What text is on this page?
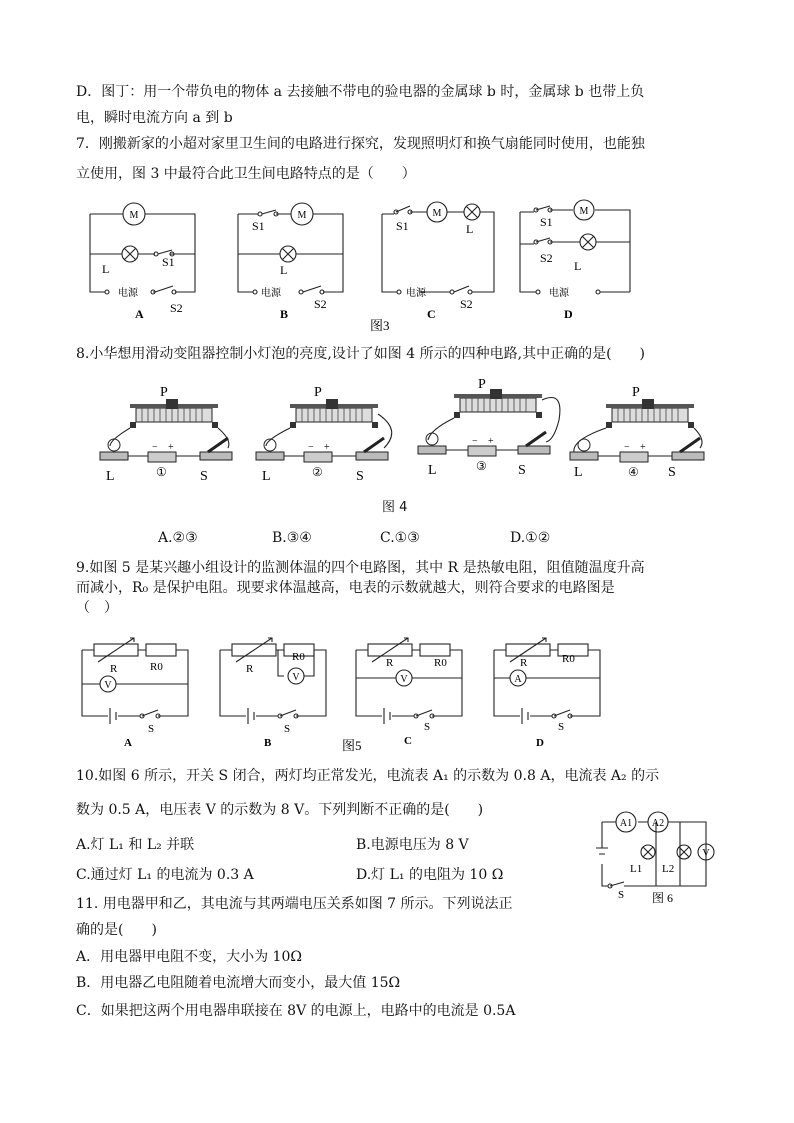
D．图丁：用一个带负电的物体 a 去接触不带电的验电器的金属球 b 时，金属球 b 也带上负
电，瞬时电流方向 a 到 b
7．刚搬新家的小超对家里卫生间的电路进行探究，发现照明灯和换气扇能同时使用，也能独
立使用，图 3 中最符合此卫生间电路特点的是（　　）
M
L	S1
电源
S2
A
M
S1
L
电源
S2
B
M
S1	L
电源
S2
C
M
S1
S2
L
电源
D
图3
8.小华想用滑动变阻器控制小灯泡的亮度,设计了如图 4 所示的四种电路,其中正确的是(　　)
−	+
P
L	① S
P
L	② S
P
L	③ S
P
L	④ S
图 4
A.②③	B.③④	C.①③	D.①②
9.如图 5 是某兴趣小组设计的监测体温的四个电路图，其中 R 是热敏电阻，阻值随温度升高
而减小，R₀ 是保护电阻。现要求体温越高，电表的示数就越大，则符合要求的电路图是
（　）
V
R	R0
S
A
V
R
R0
S
B
V
R	R0
S
C
A
R	R0
S
D
图5
10.如图 6 所示，开关 S 闭合，两灯均正常发光，电流表 A₁ 的示数为 0.8 A，电流表 A₂ 的示
数为 0.5 A，电压表 V 的示数为 8 V。下列判断不正确的是(　　)
A.灯 L₁ 和 L₂ 并联	B.电源电压为 8 V
C.通过灯 L₁ 的电流为 0.3 A	D.灯 L₁ 的电阻为 10 Ω
A1 A2
V
L1 L2
S 图 6
11. 用电器甲和乙，其电流与其两端电压关系如图 7 所示。下列说法正
确的是(　　)
A．用电器甲电阻不变，大小为 10Ω
B．用电器乙电阻随着电流增大而变小，最大值 15Ω
C．如果把这两个用电器串联接在 8V 的电源上，电路中的电流是 0.5A
